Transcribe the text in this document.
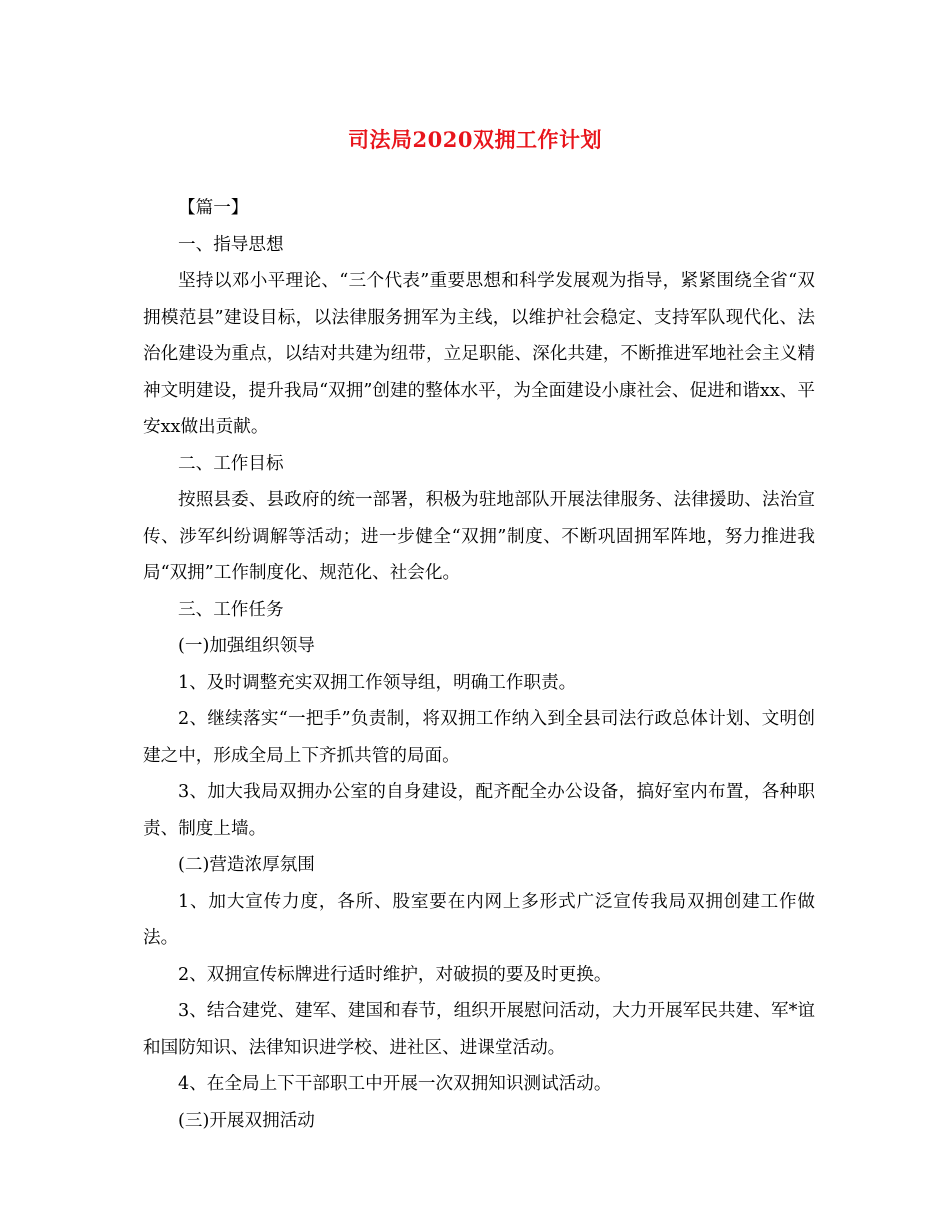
司法局2020双拥工作计划

【篇一】

一、指导思想

坚持以邓小平理论、“三个代表”重要思想和科学发展观为指导，紧紧围绕全省“双拥模范县”建设目标，以法律服务拥军为主线，以维护社会稳定、支持军队现代化、法治化建设为重点，以结对共建为纽带，立足职能、深化共建，不断推进军地社会主义精神文明建设，提升我局“双拥”创建的整体水平，为全面建设小康社会、促进和谐xx、平安xx做出贡献。

二、工作目标

按照县委、县政府的统一部署，积极为驻地部队开展法律服务、法律援助、法治宣传、涉军纠纷调解等活动；进一步健全“双拥”制度、不断巩固拥军阵地，努力推进我局“双拥”工作制度化、规范化、社会化。

三、工作任务

(一)加强组织领导

1、及时调整充实双拥工作领导组，明确工作职责。

2、继续落实“一把手”负责制，将双拥工作纳入到全县司法行政总体计划、文明创建之中，形成全局上下齐抓共管的局面。

3、加大我局双拥办公室的自身建设，配齐配全办公设备，搞好室内布置，各种职责、制度上墙。

(二)营造浓厚氛围

1、加大宣传力度，各所、股室要在内网上多形式广泛宣传我局双拥创建工作做法。

2、双拥宣传标牌进行适时维护，对破损的要及时更换。

3、结合建党、建军、建国和春节，组织开展慰问活动，大力开展军民共建、军*谊和国防知识、法律知识进学校、进社区、进课堂活动。

4、在全局上下干部职工中开展一次双拥知识测试活动。

(三)开展双拥活动
